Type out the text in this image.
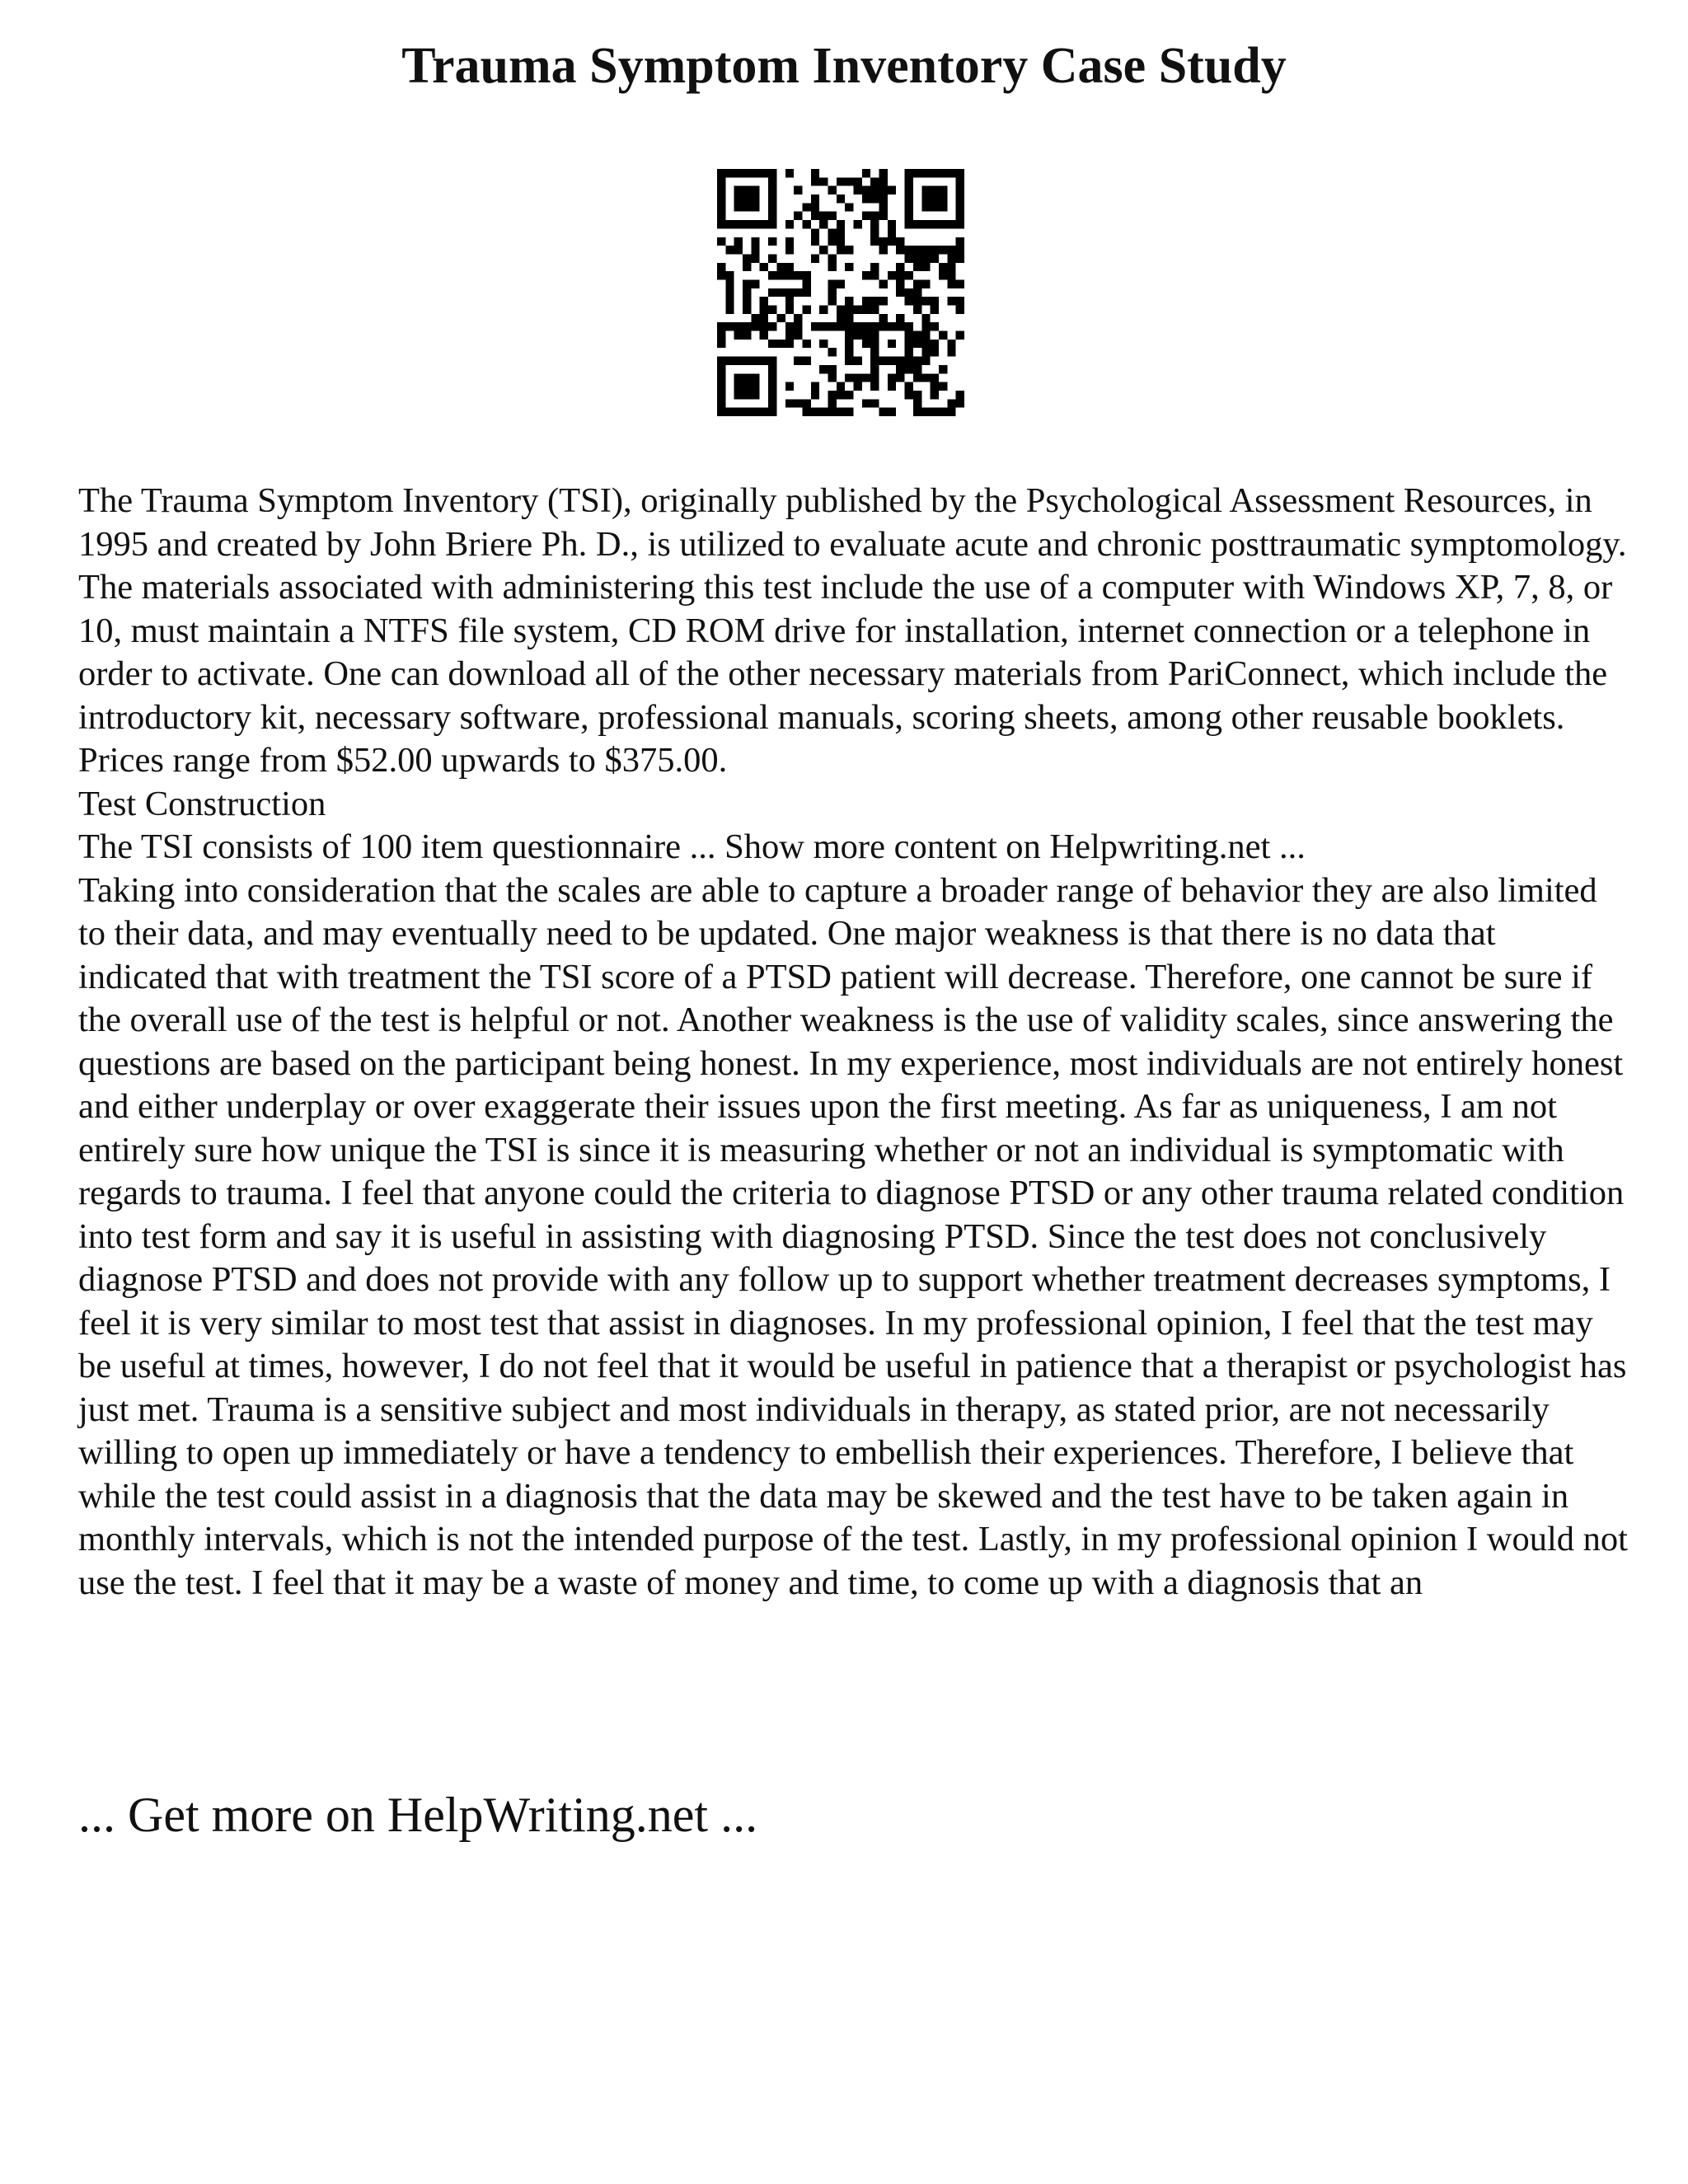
Trauma Symptom Inventory Case Study

The Trauma Symptom Inventory (TSI), originally published by the Psychological Assessment Resources, in 1995 and created by John Briere Ph. D., is utilized to evaluate acute and chronic posttraumatic symptomology. The materials associated with administering this test include the use of a computer with Windows XP, 7, 8, or 10, must maintain a NTFS file system, CD ROM drive for installation, internet connection or a telephone in order to activate. One can download all of the other necessary materials from PariConnect, which include the introductory kit, necessary software, professional manuals, scoring sheets, among other reusable booklets. Prices range from $52.00 upwards to $375.00.

Test Construction

The TSI consists of 100 item questionnaire ... Show more content on Helpwriting.net ...

Taking into consideration that the scales are able to capture a broader range of behavior they are also limited to their data, and may eventually need to be updated. One major weakness is that there is no data that indicated that with treatment the TSI score of a PTSD patient will decrease. Therefore, one cannot be sure if the overall use of the test is helpful or not. Another weakness is the use of validity scales, since answering the questions are based on the participant being honest. In my experience, most individuals are not entirely honest and either underplay or over exaggerate their issues upon the first meeting. As far as uniqueness, I am not entirely sure how unique the TSI is since it is measuring whether or not an individual is symptomatic with regards to trauma. I feel that anyone could the criteria to diagnose PTSD or any other trauma related condition into test form and say it is useful in assisting with diagnosing PTSD. Since the test does not conclusively diagnose PTSD and does not provide with any follow up to support whether treatment decreases symptoms, I feel it is very similar to most test that assist in diagnoses. In my professional opinion, I feel that the test may be useful at times, however, I do not feel that it would be useful in patience that a therapist or psychologist has just met. Trauma is a sensitive subject and most individuals in therapy, as stated prior, are not necessarily willing to open up immediately or have a tendency to embellish their experiences. Therefore, I believe that while the test could assist in a diagnosis that the data may be skewed and the test have to be taken again in monthly intervals, which is not the intended purpose of the test. Lastly, in my professional opinion I would not use the test. I feel that it may be a waste of money and time, to come up with a diagnosis that an

... Get more on HelpWriting.net ...
